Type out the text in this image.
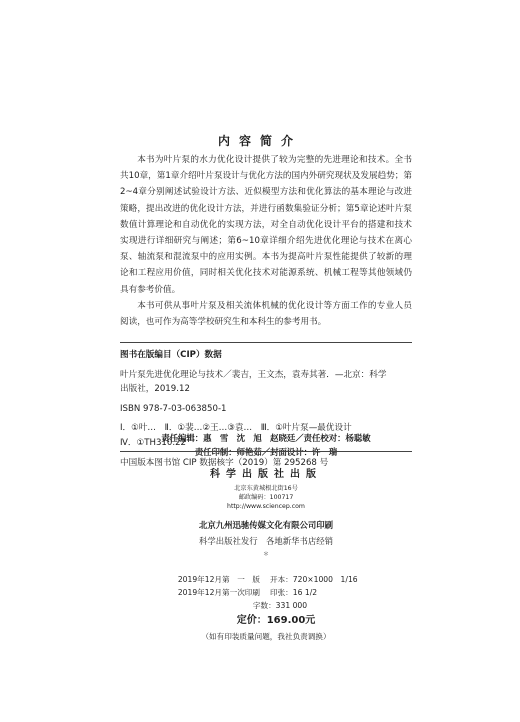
内容简介

本书为叶片泵的水力优化设计提供了较为完整的先进理论和技术。全书共10章，第1章介绍叶片泵设计与优化方法的国内外研究现状及发展趋势；第2~4章分别阐述试验设计方法、近似模型方法和优化算法的基本理论与改进策略，提出改进的优化设计方法，并进行函数集验证分析；第5章论述叶片泵数值计算理论和自动优化的实现方法，对全自动优化设计平台的搭建和技术实现进行详细研究与阐述；第6~10章详细介绍先进优化理论与技术在离心泵、轴流泵和混流泵中的应用实例。本书为提高叶片泵性能提供了较新的理论和工程应用价值，同时相关优化技术对能源系统、机械工程等其他领域仍具有参考价值。

本书可供从事叶片泵及相关流体机械的优化设计等方面工作的专业人员阅读，也可作为高等学校研究生和本科生的参考用书。

图书在版编目（CIP）数据
叶片泵先进优化理论与技术／裴吉，王文杰，袁寿其著．—北京：科学
出版社，2019.12
ISBN 978-7-03-063850-1
Ⅰ．①叶…　Ⅱ．①裴…②王…③袁…　Ⅲ．①叶片泵—最优设计
Ⅳ．①TH310.22
中国版本图书馆 CIP 数据核字（2019）第 295268 号
责任编辑：惠　雪　沈　旭　赵晓廷／责任校对：杨聪敏
责任印制：师艳茹／封面设计：许　瑞
科学出版社出版
北京东黄城根北街16号
邮政编码：100717
http://www.sciencep.com
北京九州迅驰传媒文化有限公司印刷
科学出版社发行　各地新华书店经销
＊
2019年12月第　一　版	开本：720×1000　1/16
2019年12月第一次印刷	印张：16 1/2
字数：331 000
定价：169.00元
（如有印装质量问题，我社负责调换）
